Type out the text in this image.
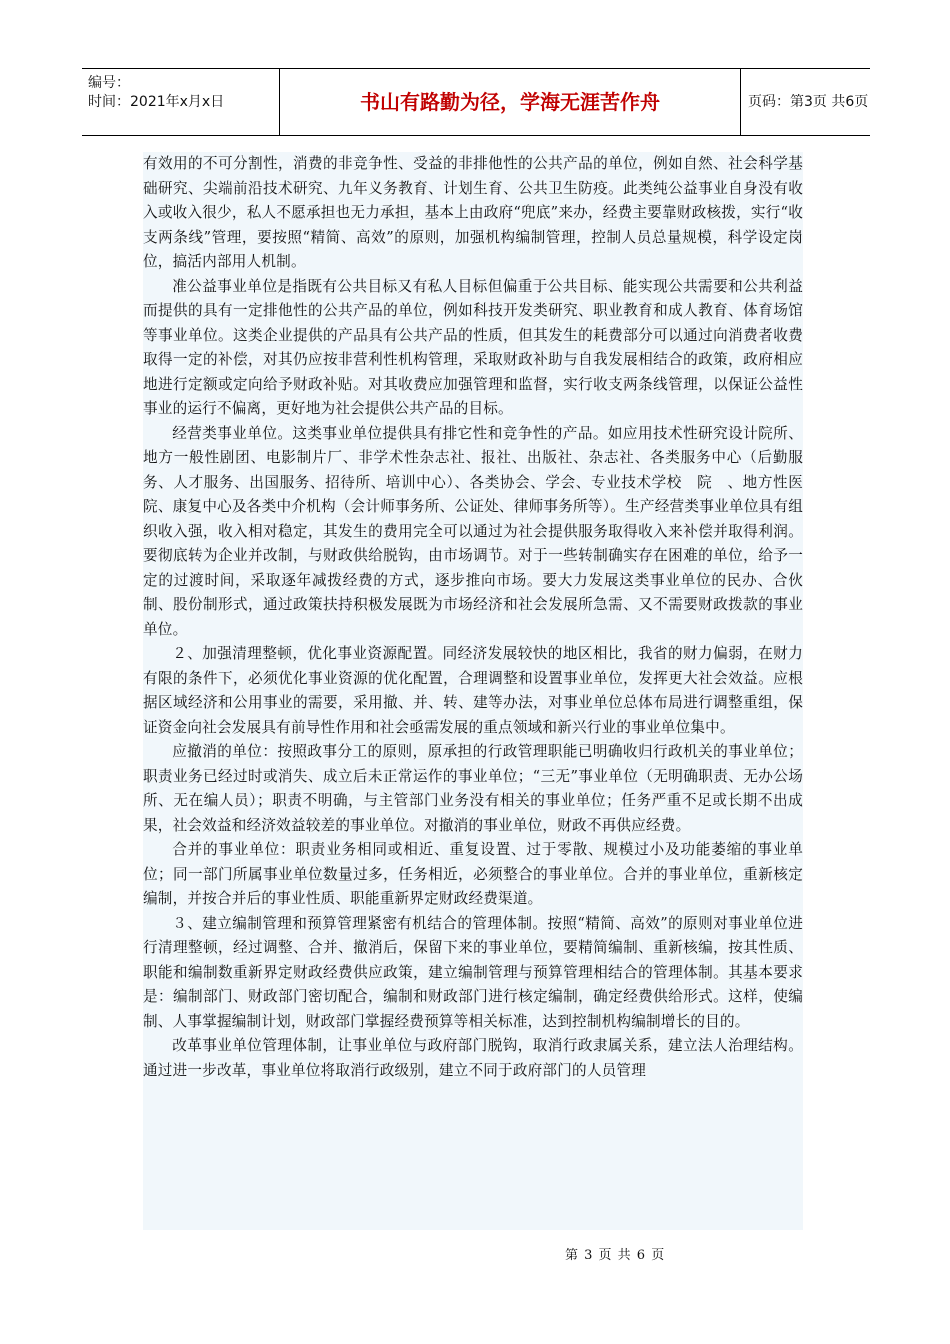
编号：
时间：2021年x月x日	书山有路勤为径，学海无涯苦作舟	页码：第3页 共6页

有效用的不可分割性，消费的非竞争性、受益的非排他性的公共产品的单位，例如自然、社会科学基础研究、尖端前沿技术研究、九年义务教育、计划生育、公共卫生防疫。此类纯公益事业自身没有收入或收入很少，私人不愿承担也无力承担，基本上由政府“兜底”来办，经费主要靠财政核拨，实行“收支两条线”管理，要按照“精简、高效”的原则，加强机构编制管理，控制人员总量规模，科学设定岗位，搞活内部用人机制。

准公益事业单位是指既有公共目标又有私人目标但偏重于公共目标、能实现公共需要和公共利益而提供的具有一定排他性的公共产品的单位，例如科技开发类研究、职业教育和成人教育、体育场馆等事业单位。这类企业提供的产品具有公共产品的性质，但其发生的耗费部分可以通过向消费者收费取得一定的补偿，对其仍应按非营利性机构管理，采取财政补助与自我发展相结合的政策，政府相应地进行定额或定向给予财政补贴。对其收费应加强管理和监督，实行收支两条线管理，以保证公益性事业的运行不偏离，更好地为社会提供公共产品的目标。

经营类事业单位。这类事业单位提供具有排它性和竞争性的产品。如应用技术性研究设计院所、地方一般性剧团、电影制片厂、非学术性杂志社、报社、出版社、杂志社、各类服务中心（后勤服务、人才服务、出国服务、招待所、培训中心）、各类协会、学会、专业技术学校　院　、地方性医院、康复中心及各类中介机构（会计师事务所、公证处、律师事务所等）。生产经营类事业单位具有组织收入强，收入相对稳定，其发生的费用完全可以通过为社会提供服务取得收入来补偿并取得利润。要彻底转为企业并改制，与财政供给脱钩，由市场调节。对于一些转制确实存在困难的单位，给予一定的过渡时间，采取逐年减拨经费的方式，逐步推向市场。要大力发展这类事业单位的民办、合伙制、股份制形式，通过政策扶持积极发展既为市场经济和社会发展所急需、又不需要财政拨款的事业单位。

２、加强清理整顿，优化事业资源配置。同经济发展较快的地区相比，我省的财力偏弱，在财力有限的条件下，必须优化事业资源的优化配置，合理调整和设置事业单位，发挥更大社会效益。应根据区域经济和公用事业的需要，采用撤、并、转、建等办法，对事业单位总体布局进行调整重组，保证资金向社会发展具有前导性作用和社会亟需发展的重点领域和新兴行业的事业单位集中。

应撤消的单位：按照政事分工的原则，原承担的行政管理职能已明确收归行政机关的事业单位；职责业务已经过时或消失、成立后未正常运作的事业单位；“三无”事业单位（无明确职责、无办公场所、无在编人员）；职责不明确，与主管部门业务没有相关的事业单位；任务严重不足或长期不出成果，社会效益和经济效益较差的事业单位。对撤消的事业单位，财政不再供应经费。

合并的事业单位：职责业务相同或相近、重复设置、过于零散、规模过小及功能萎缩的事业单位；同一部门所属事业单位数量过多，任务相近，必须整合的事业单位。合并的事业单位，重新核定编制，并按合并后的事业性质、职能重新界定财政经费渠道。

３、建立编制管理和预算管理紧密有机结合的管理体制。按照“精简、高效”的原则对事业单位进行清理整顿，经过调整、合并、撤消后，保留下来的事业单位，要精简编制、重新核编，按其性质、职能和编制数重新界定财政经费供应政策，建立编制管理与预算管理相结合的管理体制。其基本要求是：编制部门、财政部门密切配合，编制和财政部门进行核定编制，确定经费供给形式。这样，使编制、人事掌握编制计划，财政部门掌握经费预算等相关标准，达到控制机构编制增长的目的。

改革事业单位管理体制，让事业单位与政府部门脱钩，取消行政隶属关系，建立法人治理结构。通过进一步改革，事业单位将取消行政级别，建立不同于政府部门的人员管理

第 3 页 共 6 页
